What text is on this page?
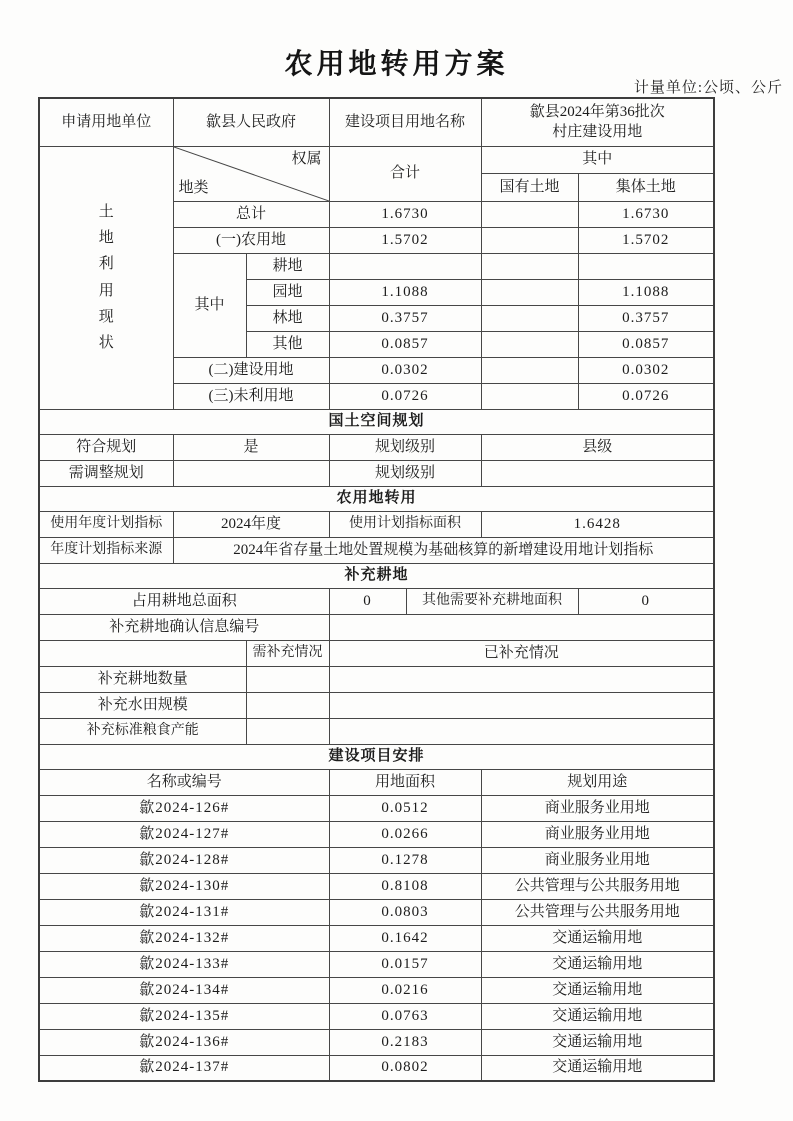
农用地转用方案
计量单位:公顷、公斤
申请用地单位	歙县人民政府		建设项目用地名称		歙县2024年第36批次
村庄建设用地	

土地利用现状	权属
地类		合计		其中	
					国有土地	集体土地
	总计		1.6730			1.6730
	(一)农用地		1.5702			1.5702
	其中	耕地				
		园地	1.1088			1.1088
		林地	0.3757			0.3757
		其他	0.0857			0.0857
	(二)建设用地		0.0302			0.0302
	(三)未利用地		0.0726			0.0726
国土空间规划						
符合规划	是		规划级别		县级	
需调整规划			规划级别			
农用地转用						
使用年度计划指标	2024年度		使用计划指标面积		1.6428	
年度计划指标来源	2024年省存量土地处置规模为基础核算的新增建设用地计划指标					
补充耕地						
占用耕地总面积			0	其他需要补充耕地面积		0
补充耕地确认信息编号						
		需补充情况	已补充情况			
补充耕地数量						
补充水田规模						
补充标准粮食产能						
建设项目安排						
名称或编号			用地面积		规划用途	
歙2024-126#			0.0512		商业服务业用地	
歙2024-127#			0.0266		商业服务业用地	
歙2024-128#			0.1278		商业服务业用地	
歙2024-130#			0.8108		公共管理与公共服务用地	
歙2024-131#			0.0803		公共管理与公共服务用地	
歙2024-132#			0.1642		交通运输用地	
歙2024-133#			0.0157		交通运输用地	
歙2024-134#			0.0216		交通运输用地	
歙2024-135#			0.0763		交通运输用地	
歙2024-136#			0.2183		交通运输用地	
歙2024-137#			0.0802		交通运输用地	
